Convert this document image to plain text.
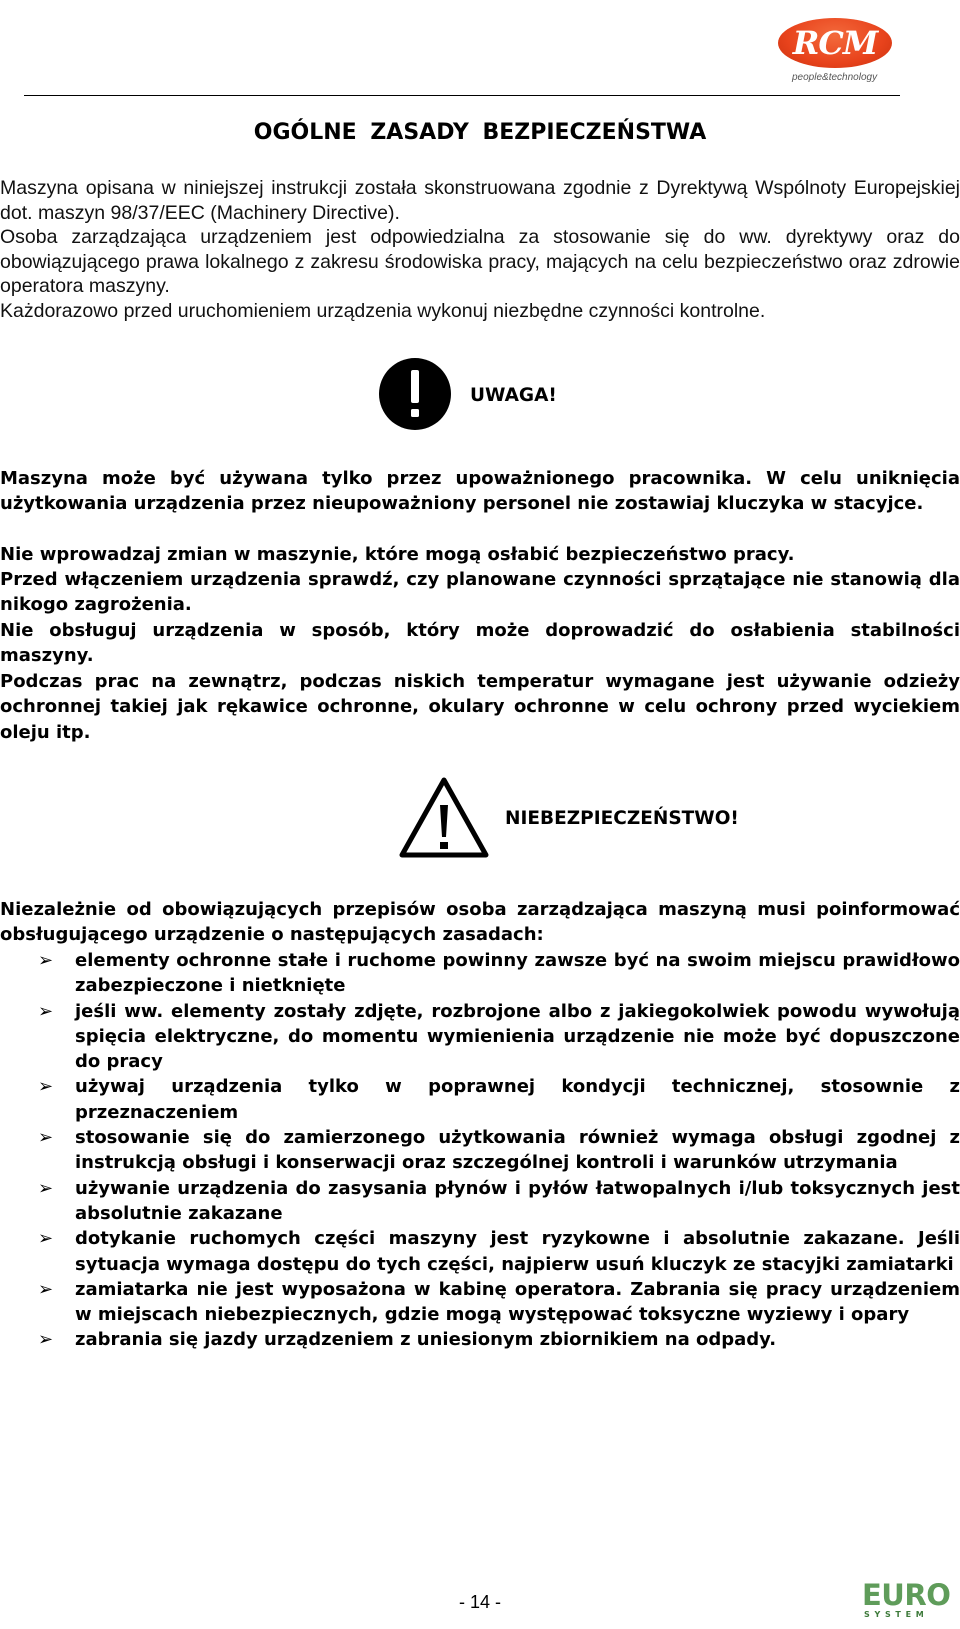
RCM
people&technology
OGÓLNE ZASADY BEZPIECZEŃSTWA

Maszyna opisana w niniejszej instrukcji została skonstruowana zgodnie z Dyrektywą Wspólnoty Europejskiej dot. maszyn 98/37/EEC (Machinery Directive).

Osoba zarządzająca urządzeniem jest odpowiedzialna za stosowanie się do ww. dyrektywy oraz do obowiązującego prawa lokalnego z zakresu środowiska pracy, mających na celu bezpieczeństwo oraz zdrowie operatora maszyny.

Każdorazowo przed uruchomieniem urządzenia wykonuj niezbędne czynności kontrolne.

UWAGA!

Maszyna może być używana tylko przez upoważnionego pracownika. W celu uniknięcia użytkowania urządzenia przez nieupoważniony personel nie zostawiaj kluczyka w stacyjce.

Nie wprowadzaj zmian w maszynie, które mogą osłabić bezpieczeństwo pracy.

Przed włączeniem urządzenia sprawdź, czy planowane czynności sprzątające nie stanowią dla nikogo zagrożenia.

Nie obsługuj urządzenia w sposób, który może doprowadzić do osłabienia stabilności maszyny.

Podczas prac na zewnątrz, podczas niskich temperatur wymagane jest używanie odzieży ochronnej takiej jak rękawice ochronne, okulary ochronne w celu ochrony przed wyciekiem oleju itp.

NIEBEZPIECZEŃSTWO!

Niezależnie od obowiązujących przepisów osoba zarządzająca maszyną musi poinformować obsługującego urządzenie o następujących zasadach:

➢ elementy ochronne stałe i ruchome powinny zawsze być na swoim miejscu prawidłowo zabezpieczone i nietknięte
➢ jeśli ww. elementy zostały zdjęte, rozbrojone albo z jakiegokolwiek powodu wywołują spięcia elektryczne, do momentu wymienienia urządzenie nie może być dopuszczone do pracy
➢ używaj urządzenia tylko w poprawnej kondycji technicznej, stosownie z przeznaczeniem
➢ stosowanie się do zamierzonego użytkowania również wymaga obsługi zgodnej z instrukcją obsługi i konserwacji oraz szczególnej kontroli i warunków utrzymania
➢ używanie urządzenia do zasysania płynów i pyłów łatwopalnych i/lub toksycznych jest absolutnie zakazane
➢ dotykanie ruchomych części maszyny jest ryzykowne i absolutnie zakazane. Jeśli sytuacja wymaga dostępu do tych części, najpierw usuń kluczyk ze stacyjki zamiatarki
➢ zamiatarka nie jest wyposażona w kabinę operatora. Zabrania się pracy urządzeniem w miejscach niebezpiecznych, gdzie mogą występować toksyczne wyziewy i opary
➢ zabrania się jazdy urządzeniem z uniesionym zbiornikiem na odpady.
- 14 -	EURO
SYSTEM
